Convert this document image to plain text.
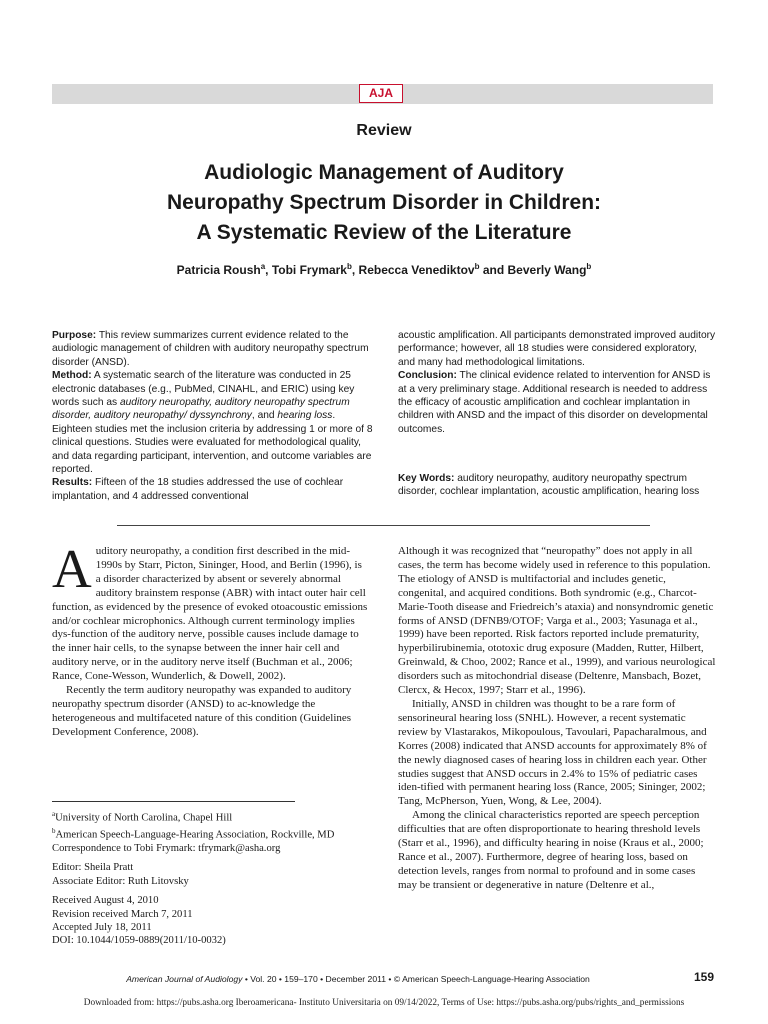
AJA
Review
Audiologic Management of Auditory
Neuropathy Spectrum Disorder in Children:
A Systematic Review of the Literature
Patricia Roush$^a$, Tobi Frymark$^b$, Rebecca Venediktov$^b$ and Beverly Wang$^b$
Purpose: This review summarizes current evidence related to the audiologic management of children with auditory neuropathy spectrum disorder (ANSD).
Method: A systematic search of the literature was conducted in 25 electronic databases (e.g., PubMed, CINAHL, and ERIC) using key words such as auditory neuropathy, auditory neuropathy spectrum disorder, auditory neuropathy/ dyssynchrony, and hearing loss. Eighteen studies met the inclusion criteria by addressing 1 or more of 8 clinical questions. Studies were evaluated for methodological quality, and data regarding participant, intervention, and outcome variables are reported.
Results: Fifteen of the 18 studies addressed the use of cochlear implantation, and 4 addressed conventional
acoustic amplification. All participants demonstrated improved auditory performance; however, all 18 studies were considered exploratory, and many had methodological limitations.
Conclusion: The clinical evidence related to intervention for ANSD is at a very preliminary stage. Additional research is needed to address the efficacy of acoustic amplification and cochlear implantation in children with ANSD and the impact of this disorder on developmental outcomes.
Key Words: auditory neuropathy, auditory neuropathy spectrum disorder, cochlear implantation, acoustic amplification, hearing loss

Auditory neuropathy, a condition first described in the mid-1990s by Starr, Picton, Sininger, Hood, and Berlin (1996), is a disorder characterized by absent or severely abnormal auditory brainstem response (ABR) with intact outer hair cell function, as evidenced by the presence of evoked otoacoustic emissions and/or cochlear microphonics. Although current terminology implies dys-function of the auditory nerve, possible causes include damage to the inner hair cells, to the synapse between the inner hair cell and auditory nerve, or in the auditory nerve itself (Buchman et al., 2006; Rance, Cone-Wesson, Wunderlich, & Dowell, 2002).

Recently the term auditory neuropathy was expanded to auditory neuropathy spectrum disorder (ANSD) to ac-knowledge the heterogeneous and multifaceted nature of this condition (Guidelines Development Conference, 2008).

$^a$University of North Carolina, Chapel Hill

$^b$American Speech-Language-Hearing Association, Rockville, MD

Correspondence to Tobi Frymark: tfrymark@asha.org

Editor: Sheila Pratt

Associate Editor: Ruth Litovsky

Received August 4, 2010

Revision received March 7, 2011

Accepted July 18, 2011

DOI: 10.1044/1059-0889(2011/10-0032)

Although it was recognized that “neuropathy” does not apply in all cases, the term has become widely used in reference to this population. The etiology of ANSD is multifactorial and includes genetic, congenital, and acquired conditions. Both syndromic (e.g., Charcot-Marie-Tooth disease and Friedreich’s ataxia) and nonsyndromic genetic forms of ANSD (DFNB9/OTOF; Varga et al., 2003; Yasunaga et al., 1999) have been reported. Risk factors reported include prematurity, hyperbilirubinemia, ototoxic drug exposure (Madden, Rutter, Hilbert, Greinwald, & Choo, 2002; Rance et al., 1999), and various neurological disorders such as mitochondrial disease (Deltenre, Mansbach, Bozet, Clercx, & Hecox, 1997; Starr et al., 1996).

Initially, ANSD in children was thought to be a rare form of sensorineural hearing loss (SNHL). However, a recent systematic review by Vlastarakos, Mikopoulous, Tavoulari, Papacharalmous, and Korres (2008) indicated that ANSD accounts for approximately 8% of the newly diagnosed cases of hearing loss in children each year. Other studies suggest that ANSD occurs in 2.4% to 15% of pediatric cases iden-tified with permanent hearing loss (Rance, 2005; Sininger, 2002; Tang, McPherson, Yuen, Wong, & Lee, 2004).

Among the clinical characteristics reported are speech perception difficulties that are often disproportionate to hearing threshold levels (Starr et al., 1996), and difficulty hearing in noise (Kraus et al., 2000; Rance et al., 2007). Furthermore, degree of hearing loss, based on detection levels, ranges from normal to profound and in some cases may be transient or degenerative in nature (Deltenre et al.,

American Journal of Audiology • Vol. 20 • 159–170 • December 2011 • © American Speech-Language-Hearing Association	159
Downloaded from: https://pubs.asha.org Iberoamericana- Instituto Universitaria on 09/14/2022, Terms of Use: https://pubs.asha.org/pubs/rights_and_permissions
